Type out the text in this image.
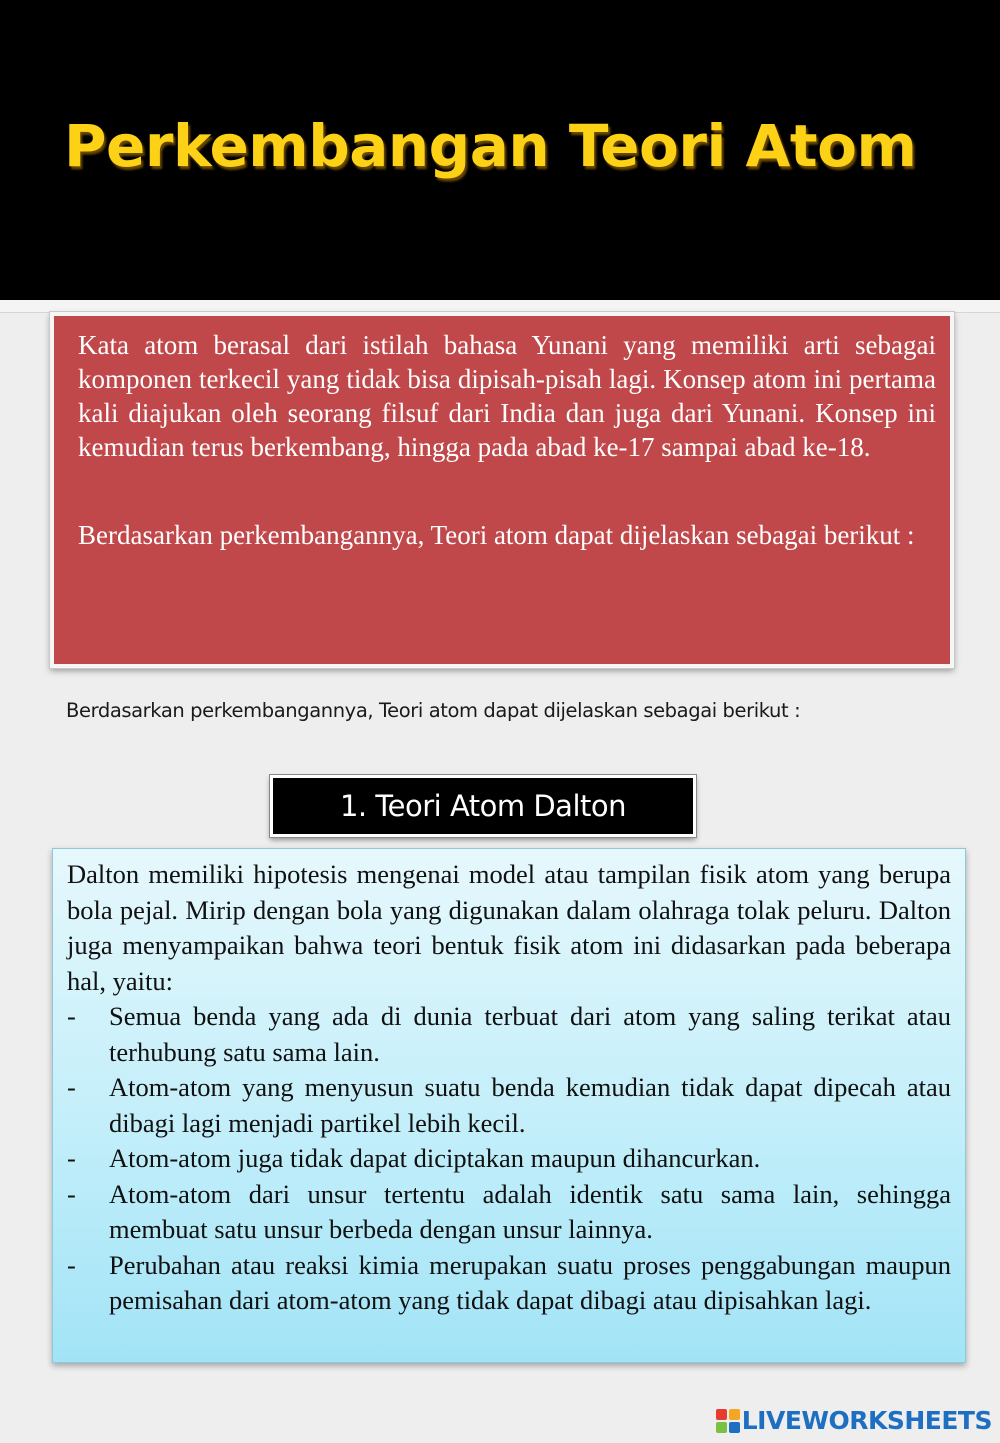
Perkembangan Teori Atom

Kata atom berasal dari istilah bahasa Yunani yang memiliki arti sebagai komponen terkecil yang tidak bisa dipisah-pisah lagi. Konsep atom ini pertama kali diajukan oleh seorang filsuf dari India dan juga dari Yunani. Konsep ini kemudian terus berkembang, hingga pada abad ke-17 sampai abad ke-18.

Berdasarkan perkembangannya, Teori atom dapat dijelaskan sebagai berikut :

Berdasarkan perkembangannya, Teori atom dapat dijelaskan sebagai berikut :
1. Teori Atom Dalton

Dalton memiliki hipotesis mengenai model atau tampilan fisik atom yang berupa bola pejal. Mirip dengan bola yang digunakan dalam olahraga tolak peluru. Dalton juga menyampaikan bahwa teori bentuk fisik atom ini didasarkan pada beberapa hal, yaitu:

- Semua benda yang ada di dunia terbuat dari atom yang saling terikat atau terhubung satu sama lain.
- Atom-atom yang menyusun suatu benda kemudian tidak dapat dipecah atau dibagi lagi menjadi partikel lebih kecil.
- Atom-atom juga tidak dapat diciptakan maupun dihancurkan.
- Atom-atom dari unsur tertentu adalah identik satu sama lain, sehingga membuat satu unsur berbeda dengan unsur lainnya.
- Perubahan atau reaksi kimia merupakan suatu proses penggabungan maupun pemisahan dari atom-atom yang tidak dapat dibagi atau dipisahkan lagi.
LIVEWORKSHEETS
